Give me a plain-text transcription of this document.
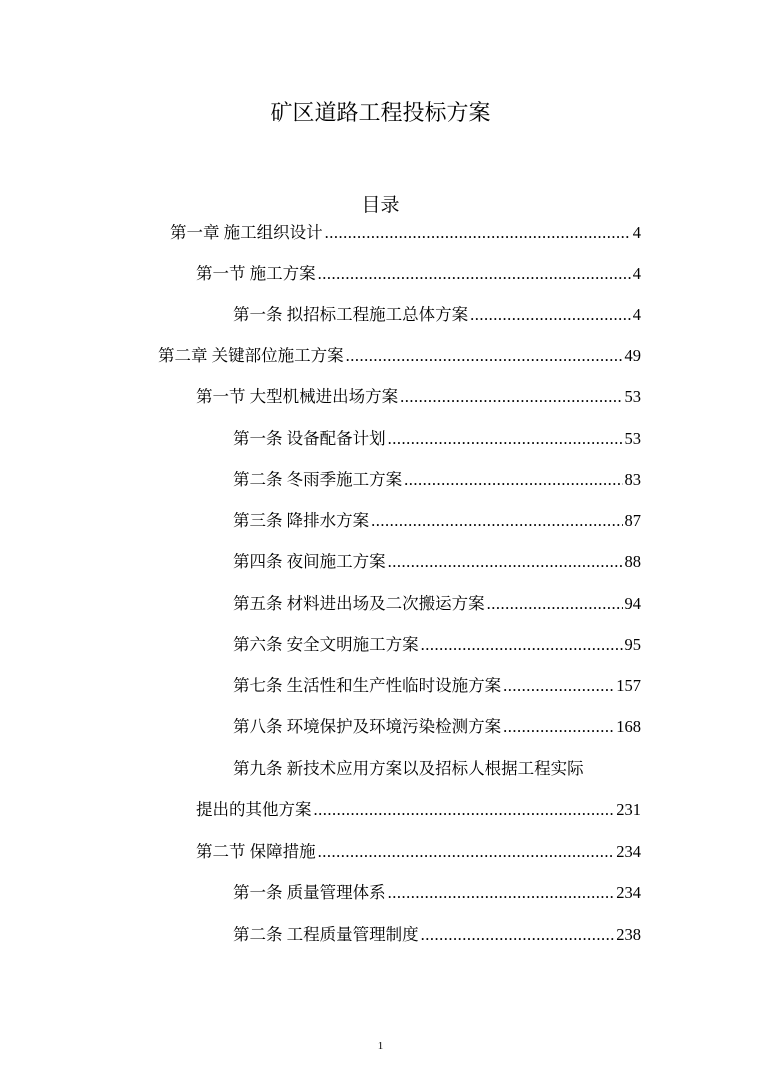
矿区道路工程投标方案
目录
第一章 施工组织设计 .....	4
第一节 施工方案 .....	4
第一条 拟招标工程施工总体方案 .....	4
第二章 关键部位施工方案 .....	49
第一节 大型机械进出场方案 .....	53
第一条 设备配备计划 .....	53
第二条 冬雨季施工方案 .....	83
第三条 降排水方案 .....	87
第四条 夜间施工方案 .....	88
第五条 材料进出场及二次搬运方案 .....	94
第六条 安全文明施工方案 .....	95
第七条 生活性和生产性临时设施方案 .....	157
第八条 环境保护及环境污染检测方案 .....	168
第九条 新技术应用方案以及招标人根据工程实际
提出的其他方案 .....	231
第二节 保障措施 .....	234
第一条 质量管理体系 .....	234
第二条 工程质量管理制度 .....	238
1
